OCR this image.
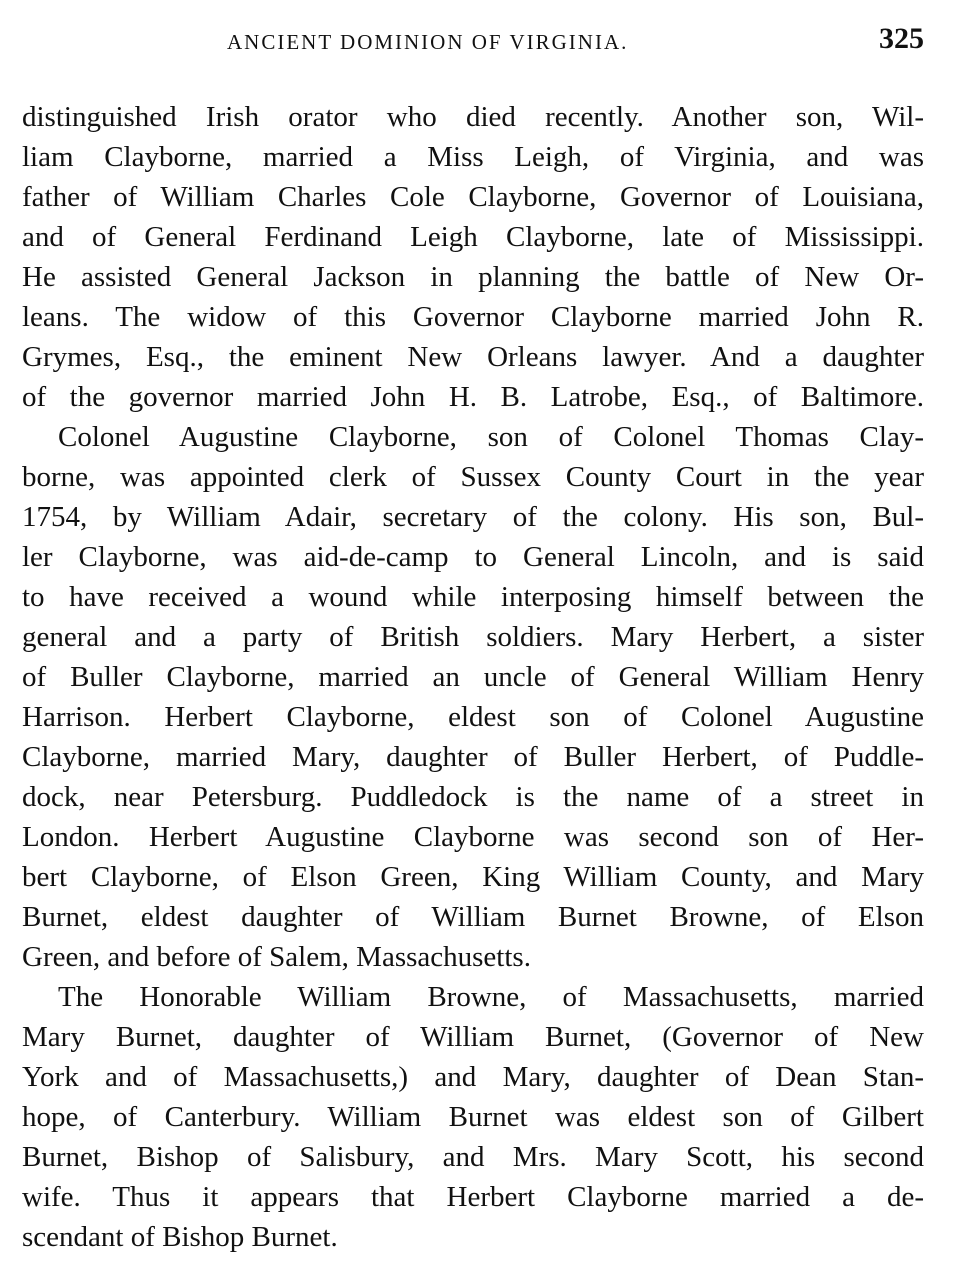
ANCIENT DOMINION OF VIRGINIA.	325
distinguished Irish orator who died recently. Another son, Wil-
liam Clayborne, married a Miss Leigh, of Virginia, and was
father of William Charles Cole Clayborne, Governor of Louisiana,
and of General Ferdinand Leigh Clayborne, late of Mississippi.
He assisted General Jackson in planning the battle of New Or-
leans. The widow of this Governor Clayborne married John R.
Grymes, Esq., the eminent New Orleans lawyer. And a daughter
of the governor married John H. B. Latrobe, Esq., of Baltimore.
Colonel Augustine Clayborne, son of Colonel Thomas Clay-
borne, was appointed clerk of Sussex County Court in the year
1754, by William Adair, secretary of the colony. His son, Bul-
ler Clayborne, was aid-de-camp to General Lincoln, and is said
to have received a wound while interposing himself between the
general and a party of British soldiers. Mary Herbert, a sister
of Buller Clayborne, married an uncle of General William Henry
Harrison. Herbert Clayborne, eldest son of Colonel Augustine
Clayborne, married Mary, daughter of Buller Herbert, of Puddle-
dock, near Petersburg. Puddledock is the name of a street in
London. Herbert Augustine Clayborne was second son of Her-
bert Clayborne, of Elson Green, King William County, and Mary
Burnet, eldest daughter of William Burnet Browne, of Elson
Green, and before of Salem, Massachusetts.
The Honorable William Browne, of Massachusetts, married
Mary Burnet, daughter of William Burnet, (Governor of New
York and of Massachusetts,) and Mary, daughter of Dean Stan-
hope, of Canterbury. William Burnet was eldest son of Gilbert
Burnet, Bishop of Salisbury, and Mrs. Mary Scott, his second
wife. Thus it appears that Herbert Clayborne married a de-
scendant of Bishop Burnet.
